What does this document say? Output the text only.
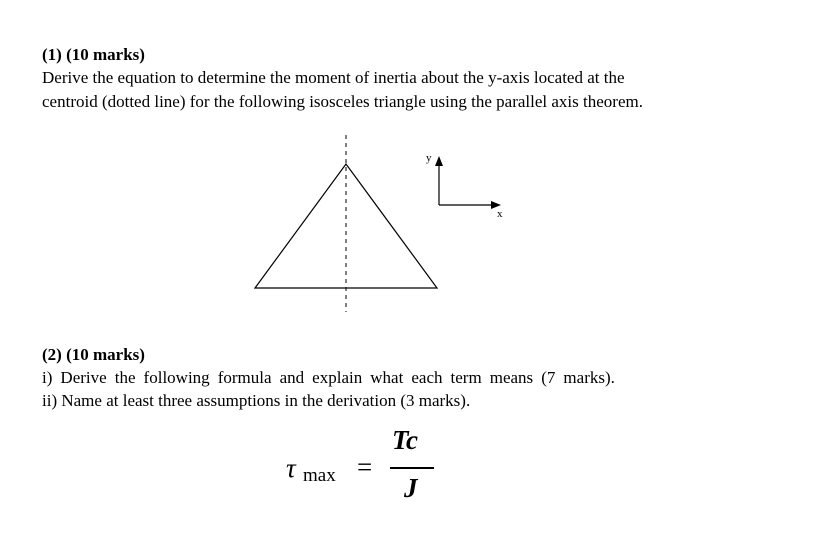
(1) (10 marks)
Derive the equation to determine the moment of inertia about the y-axis located at the
centroid (dotted line) for the following isosceles triangle using the parallel axis theorem.
y
x
(2) (10 marks)
i) Derive the following formula and explain what each term means (7 marks).
ii) Name at least three assumptions in the derivation (3 marks).
τ max =
Tc
J
